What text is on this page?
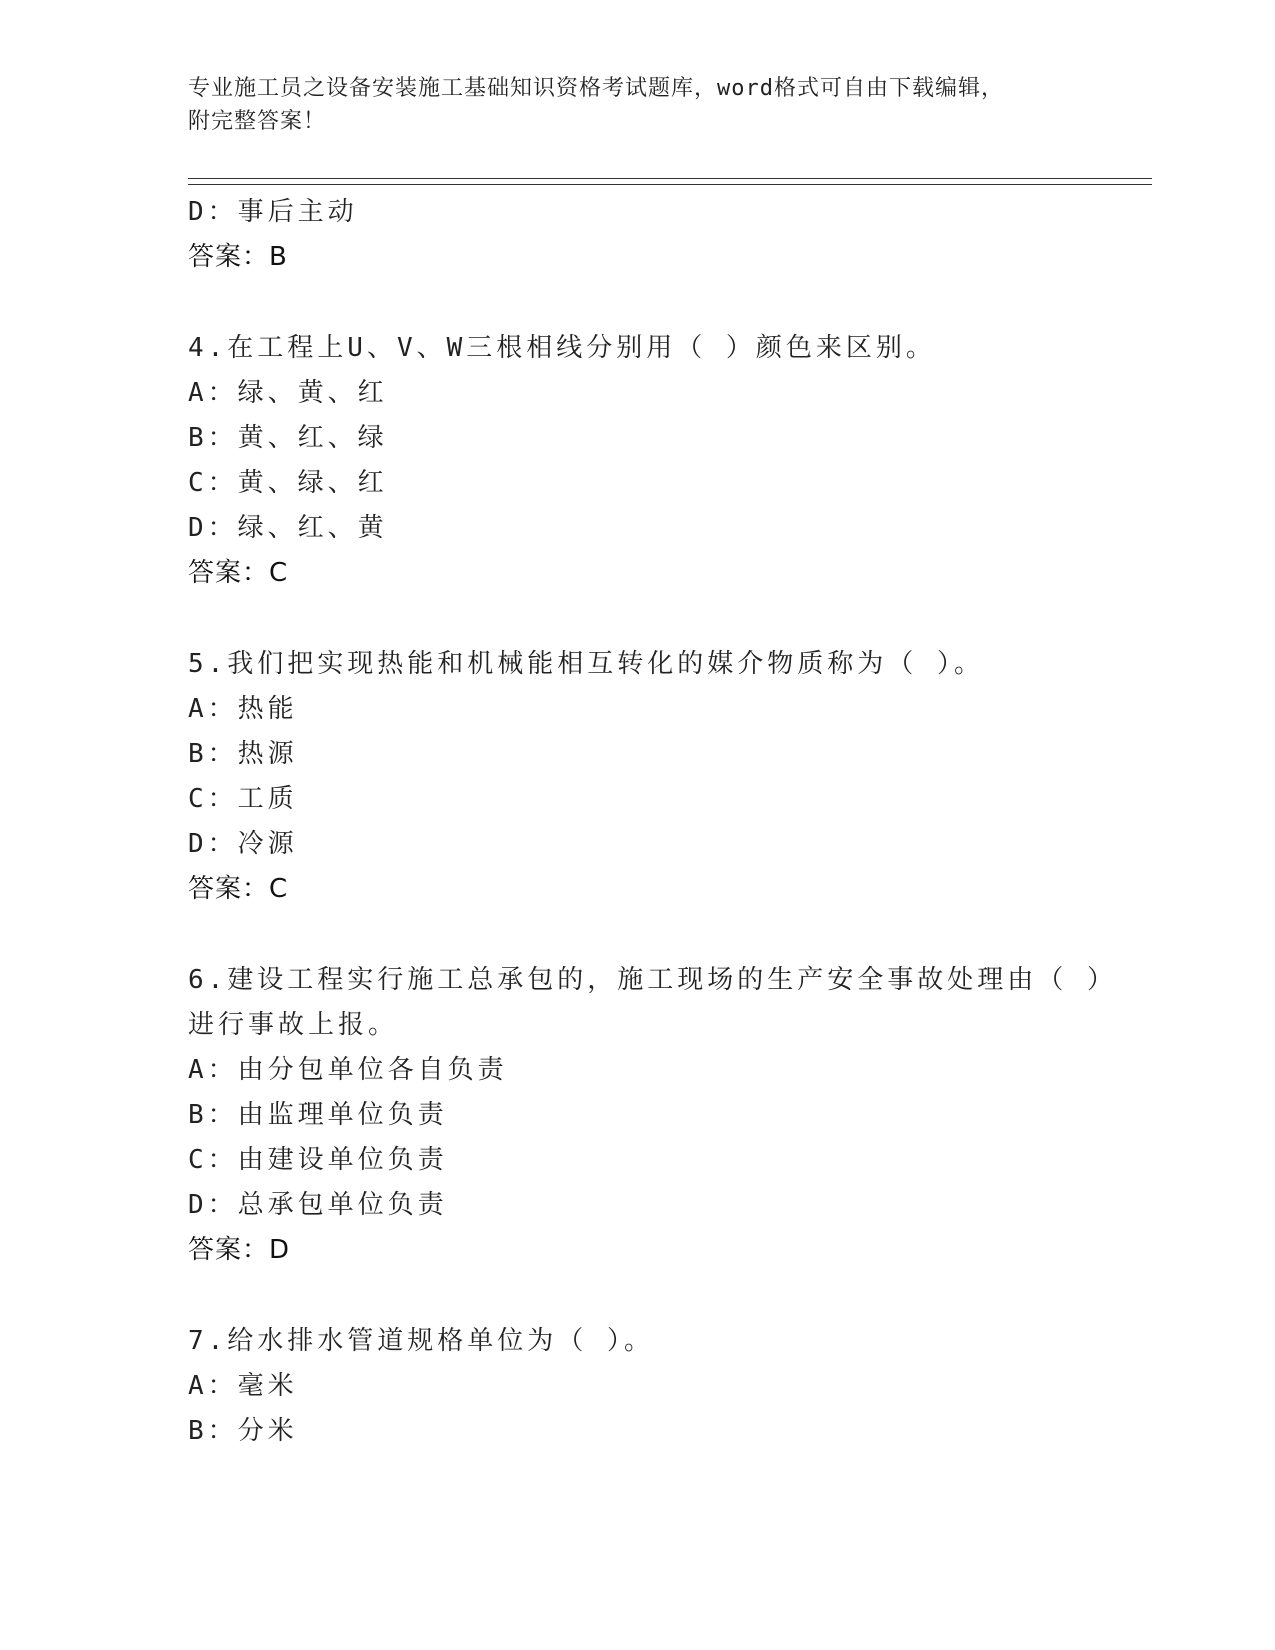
专业施工员之设备安装施工基础知识资格考试题库，word格式可自由下载编辑，
附完整答案！
D：事后主动
答案：B
4.在工程上U、V、W三根相线分别用（ ）颜色来区别。
A：绿、黄、红
B：黄、红、绿
C：黄、绿、红
D：绿、红、黄
答案：C
5.我们把实现热能和机械能相互转化的媒介物质称为（ ）。
A：热能
B：热源
C：工质
D：冷源
答案：C
6.建设工程实行施工总承包的，施工现场的生产安全事故处理由（ ）
进行事故上报。
A：由分包单位各自负责
B：由监理单位负责
C：由建设单位负责
D：总承包单位负责
答案：D
7.给水排水管道规格单位为（ ）。
A：毫米
B：分米
